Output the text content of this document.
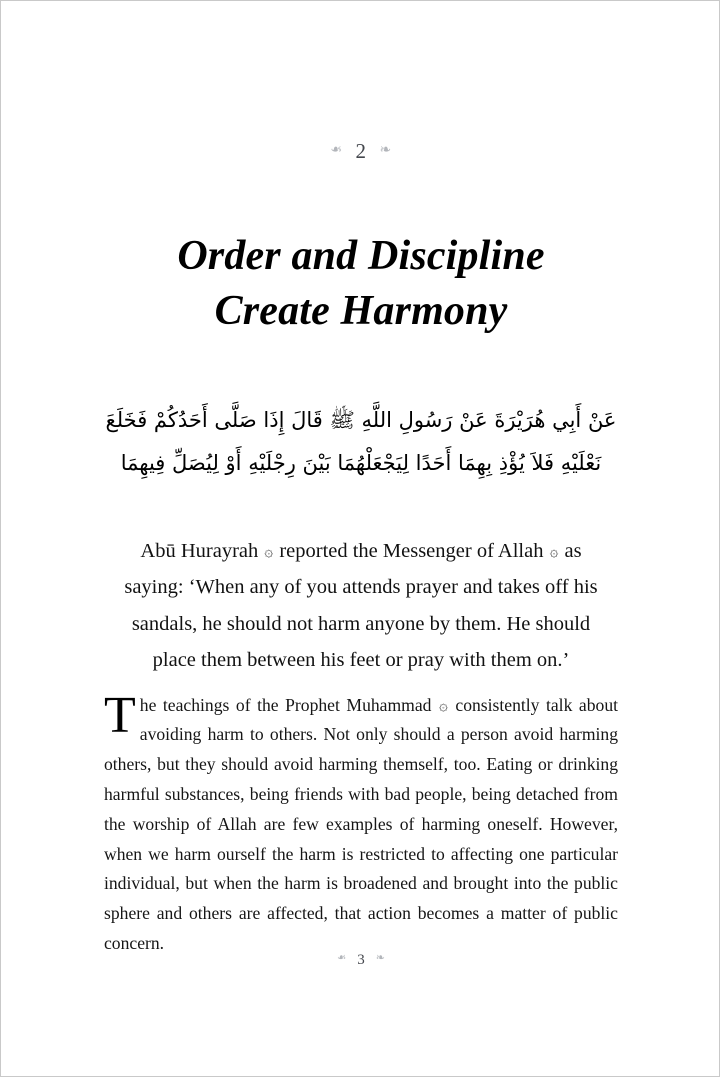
❧ 2 ❧
Order and Discipline
Create Harmony
عَنْ أَبِي هُرَيْرَةَ عَنْ رَسُولِ اللَّهِ ﷺ قَالَ إِذَا صَلَّى أَحَدُكُمْ فَخَلَعَ
نَعْلَيْهِ فَلاَ يُؤْذِ بِهِمَا أَحَدًا لِيَجْعَلْهُمَا بَيْنَ رِجْلَيْهِ أَوْ لِيُصَلِّ فِيهِمَا
Abū Hurayrah ۞ reported the Messenger of Allah ۞ as
saying: ‘When any of you attends prayer and takes off his
sandals, he should not harm anyone by them. He should
place them between his feet or pray with them on.’

The teachings of the Prophet Muhammad ۞ consistently talk about avoiding harm to others. Not only should a person avoid harming others, but they should avoid harming themself, too. Eating or drinking harmful substances, being friends with bad people, being detached from the worship of Allah are few examples of harming oneself. However, when we harm ourself the harm is restricted to affecting one particular individual, but when the harm is broadened and brought into the public sphere and others are affected, that action becomes a matter of public concern.

❧ 3 ❧
